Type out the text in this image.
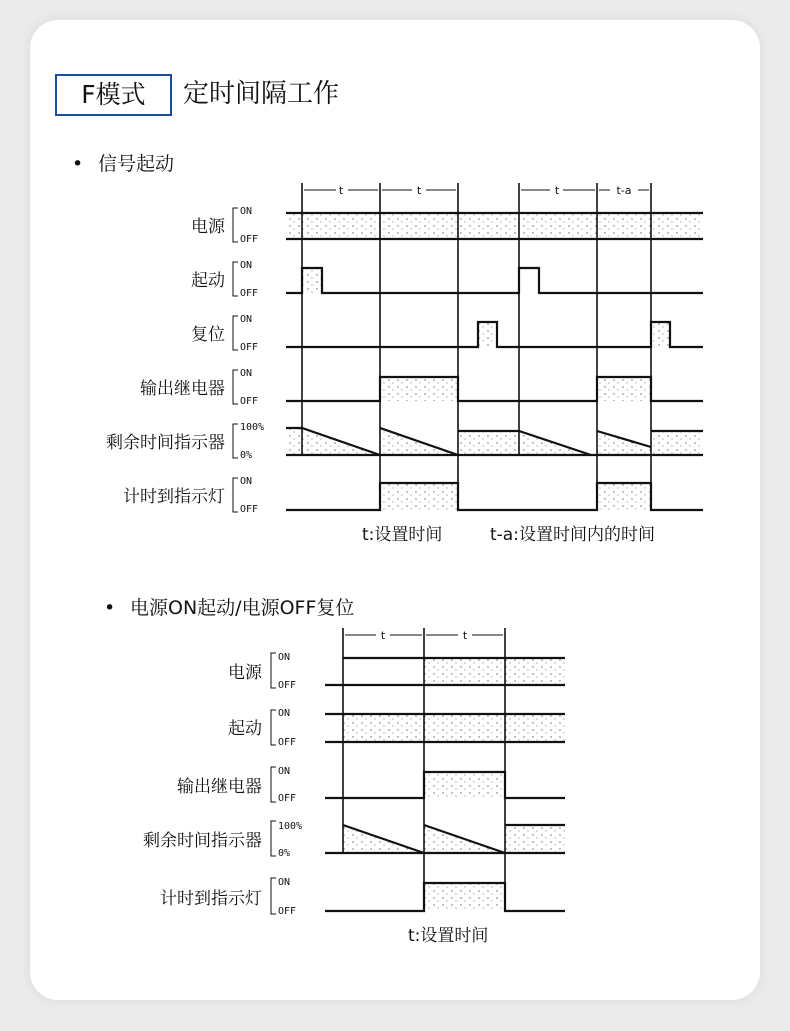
F模式	定时间隔工作
• 信号起动
电源
起动
复位
输出继电器
剩余时间指示器
计时到指示灯
ON
OFF
ON
OFF
ON
OFF
ON
OFF
100%
0%
ON
OFF
t	t	t	t-a
t:设置时间	t-a:设置时间内的时间
• 电源ON起动/电源OFF复位
电源
起动
输出继电器
剩余时间指示器
计时到指示灯
ON
OFF
ON
OFF
ON
OFF
100%
0%
ON
OFF
t	t
t:设置时间
